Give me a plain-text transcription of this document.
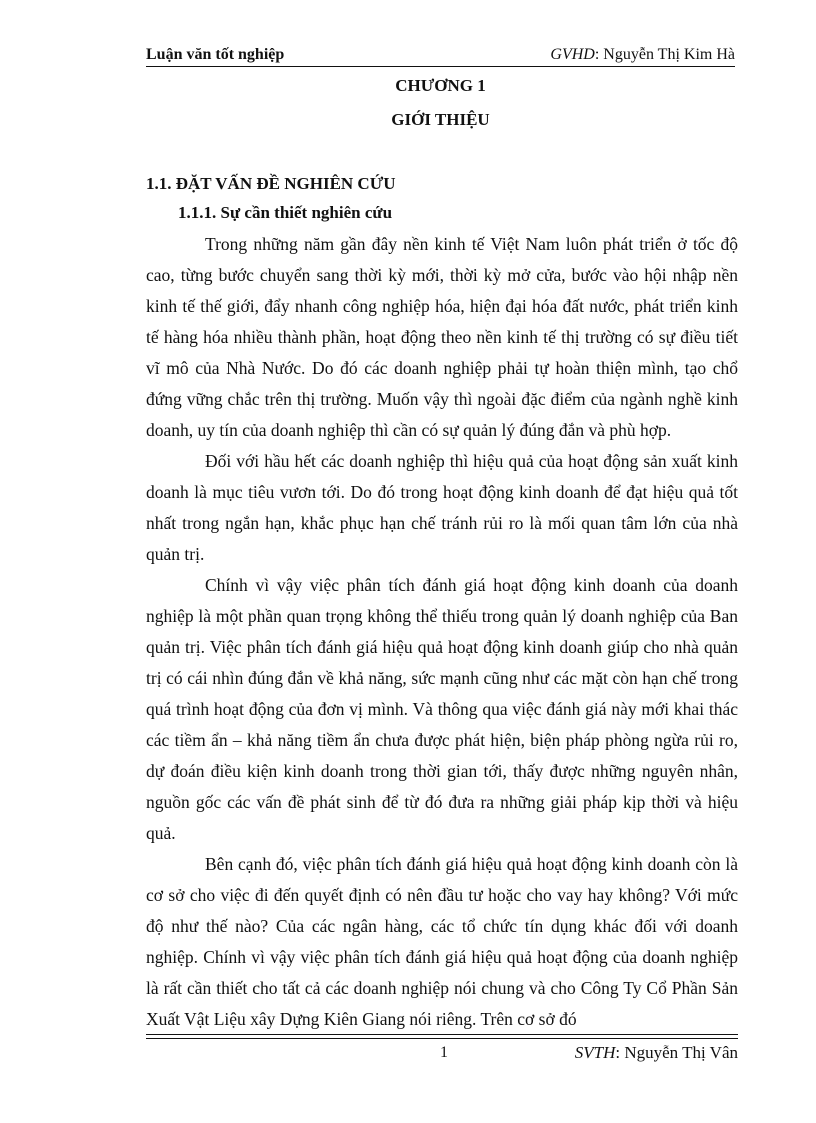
Luận văn tốt nghiệp	GVHD: Nguyễn Thị Kim Hà
CHƯƠNG 1
GIỚI THIỆU
1.1. ĐẶT VẤN ĐỀ NGHIÊN CỨU
1.1.1. Sự cần thiết nghiên cứu

Trong những năm gần đây nền kinh tế Việt Nam luôn phát triển ở tốc độ cao, từng bước chuyển sang thời kỳ mới, thời kỳ mở cửa, bước vào hội nhập nền kinh tế thế giới, đẩy nhanh công nghiệp hóa, hiện đại hóa đất nước, phát triển kinh tế hàng hóa nhiều thành phần, hoạt động theo nền kinh tế thị trường có sự điều tiết vĩ mô của Nhà Nước. Do đó các doanh nghiệp phải tự hoàn thiện mình, tạo chổ đứng vững chắc trên thị trường. Muốn vậy thì ngoài đặc điểm của ngành nghề kinh doanh, uy tín của doanh nghiệp thì cần có sự quản lý đúng đắn và phù hợp.

Đối với hầu hết các doanh nghiệp thì hiệu quả của hoạt động sản xuất kinh doanh là mục tiêu vươn tới. Do đó trong hoạt động kinh doanh để đạt hiệu quả tốt nhất trong ngắn hạn, khắc phục hạn chế tránh rủi ro là mối quan tâm lớn của nhà quản trị.

Chính vì vậy việc phân tích đánh giá hoạt động kinh doanh của doanh nghiệp là một phần quan trọng không thể thiếu trong quản lý doanh nghiệp của Ban quản trị. Việc phân tích đánh giá hiệu quả hoạt động kinh doanh giúp cho nhà quản trị có cái nhìn đúng đắn về khả năng, sức mạnh cũng như các mặt còn hạn chế trong quá trình hoạt động của đơn vị mình. Và thông qua việc đánh giá này mới khai thác các tiềm ẩn – khả năng tiềm ẩn chưa được phát hiện, biện pháp phòng ngừa rủi ro, dự đoán điều kiện kinh doanh trong thời gian tới, thấy được những nguyên nhân, nguồn gốc các vấn đề phát sinh để từ đó đưa ra những giải pháp kịp thời và hiệu quả.

Bên cạnh đó, việc phân tích đánh giá hiệu quả hoạt động kinh doanh còn là cơ sở cho việc đi đến quyết định có nên đầu tư hoặc cho vay hay không? Với mức độ như thế nào? Của các ngân hàng, các tổ chức tín dụng khác đối với doanh nghiệp. Chính vì vậy việc phân tích đánh giá hiệu quả hoạt động của doanh nghiệp là rất cần thiết cho tất cả các doanh nghiệp nói chung và cho Công Ty Cổ Phần Sản Xuất Vật Liệu xây Dựng Kiên Giang nói riêng. Trên cơ sở đó

1	SVTH: Nguyễn Thị Vân
